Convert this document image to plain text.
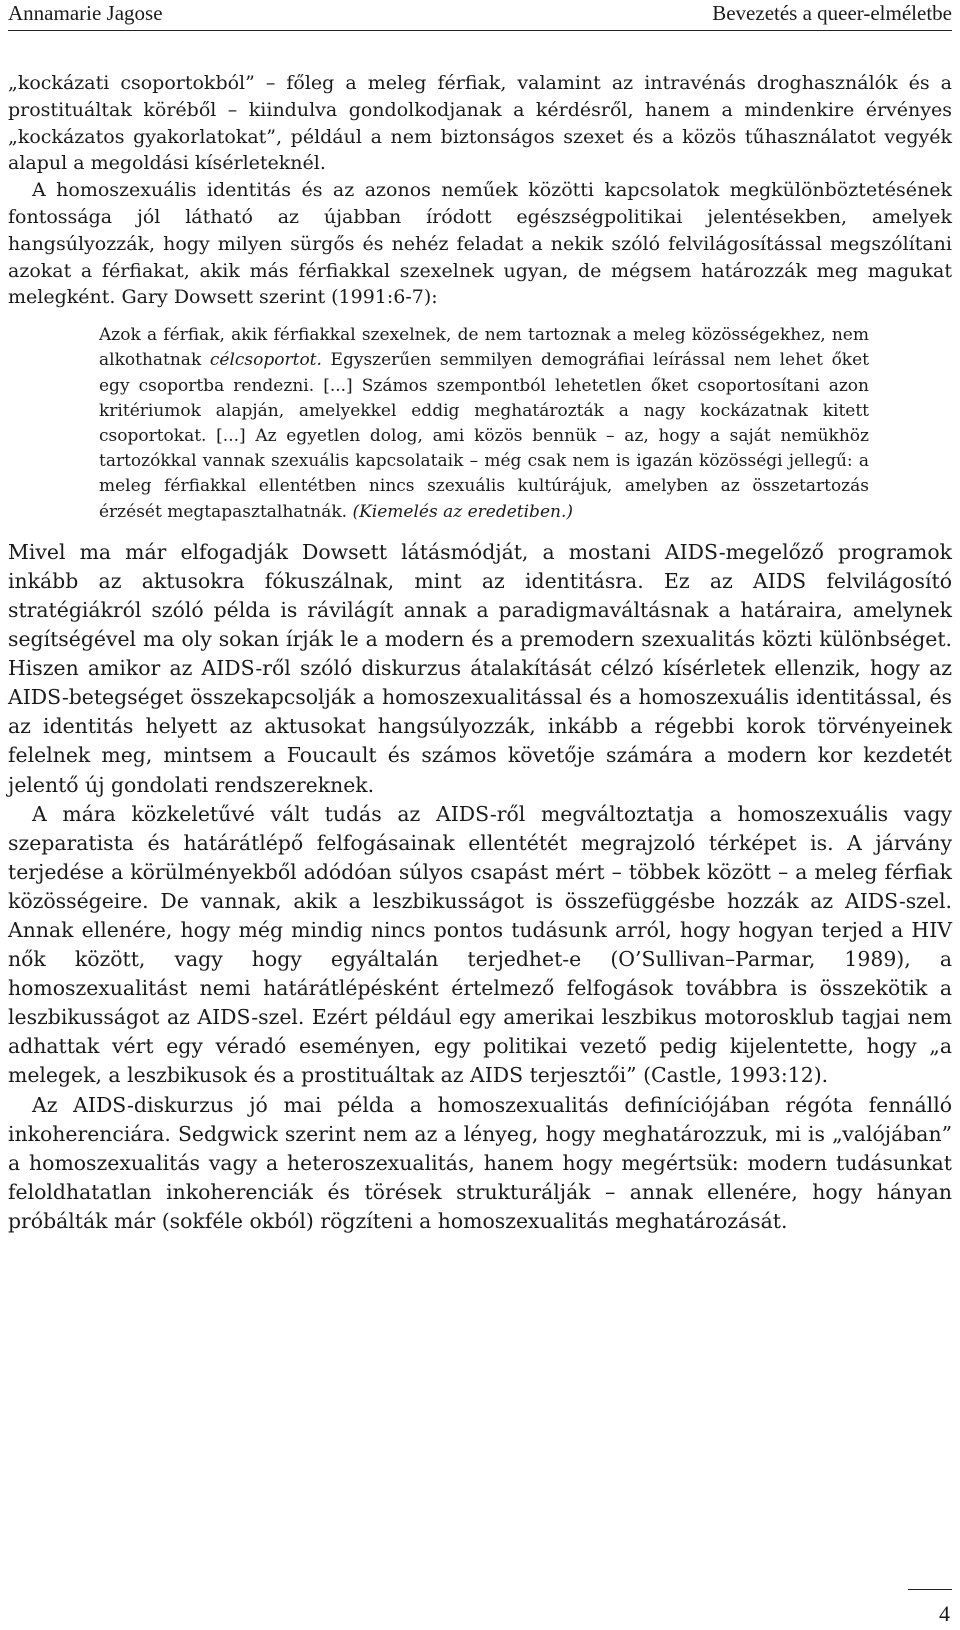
Annamarie Jagose	Bevezetés a queer-elméletbe

„kockázati csoportokból” – főleg a meleg férfiak, valamint az intravénás droghasználók és a prostituáltak köréből – kiindulva gondolkodjanak a kérdésről, hanem a mindenkire érvényes „kockázatos gyakorlatokat”, például a nem biztonságos szexet és a közös tűhasználatot vegyék alapul a megoldási kísérleteknél.

A homoszexuális identitás és az azonos neműek közötti kapcsolatok megkülönböztetésének fontossága jól látható az újabban íródott egészségpolitikai jelentésekben, amelyek hangsúlyozzák, hogy milyen sürgős és nehéz feladat a nekik szóló felvilágosítással megszólítani azokat a férfiakat, akik más férfiakkal szexelnek ugyan, de mégsem határozzák meg magukat melegként. Gary Dowsett szerint (1991:6-7):

Azok a férfiak, akik férfiakkal szexelnek, de nem tartoznak a meleg közösségekhez, nem alkothatnak célcsoportot. Egyszerűen semmilyen demográfiai leírással nem lehet őket egy csoportba rendezni. [...] Számos szempontból lehetetlen őket csoportosítani azon kritériumok alapján, amelyekkel eddig meghatározták a nagy kockázatnak kitett csoportokat. [...] Az egyetlen dolog, ami közös bennük – az, hogy a saját nemükhöz tartozókkal vannak szexuális kapcsolataik – még csak nem is igazán közösségi jellegű: a meleg férfiakkal ellentétben nincs szexuális kultúrájuk, amelyben az összetartozás érzését megtapasztalhatnák. (Kiemelés az eredetiben.)

Mivel ma már elfogadják Dowsett látásmódját, a mostani AIDS-megelőző programok inkább az aktusokra fókuszálnak, mint az identitásra. Ez az AIDS felvilágosító stratégiákról szóló példa is rávilágít annak a paradigmaváltásnak a határaira, amelynek segítségével ma oly sokan írják le a modern és a premodern szexualitás közti különbséget. Hiszen amikor az AIDS-ről szóló diskurzus átalakítását célzó kísérletek ellenzik, hogy az AIDS-betegséget összekapcsolják a homoszexualitással és a homoszexuális identitással, és az identitás helyett az aktusokat hangsúlyozzák, inkább a régebbi korok törvényeinek felelnek meg, mintsem a Foucault és számos követője számára a modern kor kezdetét jelentő új gondolati rendszereknek.

A mára közkeletűvé vált tudás az AIDS-ről megváltoztatja a homoszexuális vagy szeparatista és határátlépő felfogásainak ellentétét megrajzoló térképet is. A járvány terjedése a körülményekből adódóan súlyos csapást mért – többek között – a meleg férfiak közösségeire. De vannak, akik a leszbikusságot is összefüggésbe hozzák az AIDS-szel. Annak ellenére, hogy még mindig nincs pontos tudásunk arról, hogy hogyan terjed a HIV nők között, vagy hogy egyáltalán terjedhet-e (O’Sullivan–Parmar, 1989), a homoszexualitást nemi határátlépésként értelmező felfogások továbbra is összekötik a leszbikusságot az AIDS-szel. Ezért például egy amerikai leszbikus motorosklub tagjai nem adhattak vért egy véradó eseményen, egy politikai vezető pedig kijelentette, hogy „a melegek, a leszbikusok és a prostituáltak az AIDS terjesztői” (Castle, 1993:12).

Az AIDS-diskurzus jó mai példa a homoszexualitás definíciójában régóta fennálló inkoherenciára. Sedgwick szerint nem az a lényeg, hogy meghatározzuk, mi is „valójában” a homoszexualitás vagy a heteroszexualitás, hanem hogy megértsük: modern tudásunkat feloldhatatlan inkoherenciák és törések strukturálják – annak ellenére, hogy hányan próbálták már (sokféle okból) rögzíteni a homoszexualitás meghatározását.

4
